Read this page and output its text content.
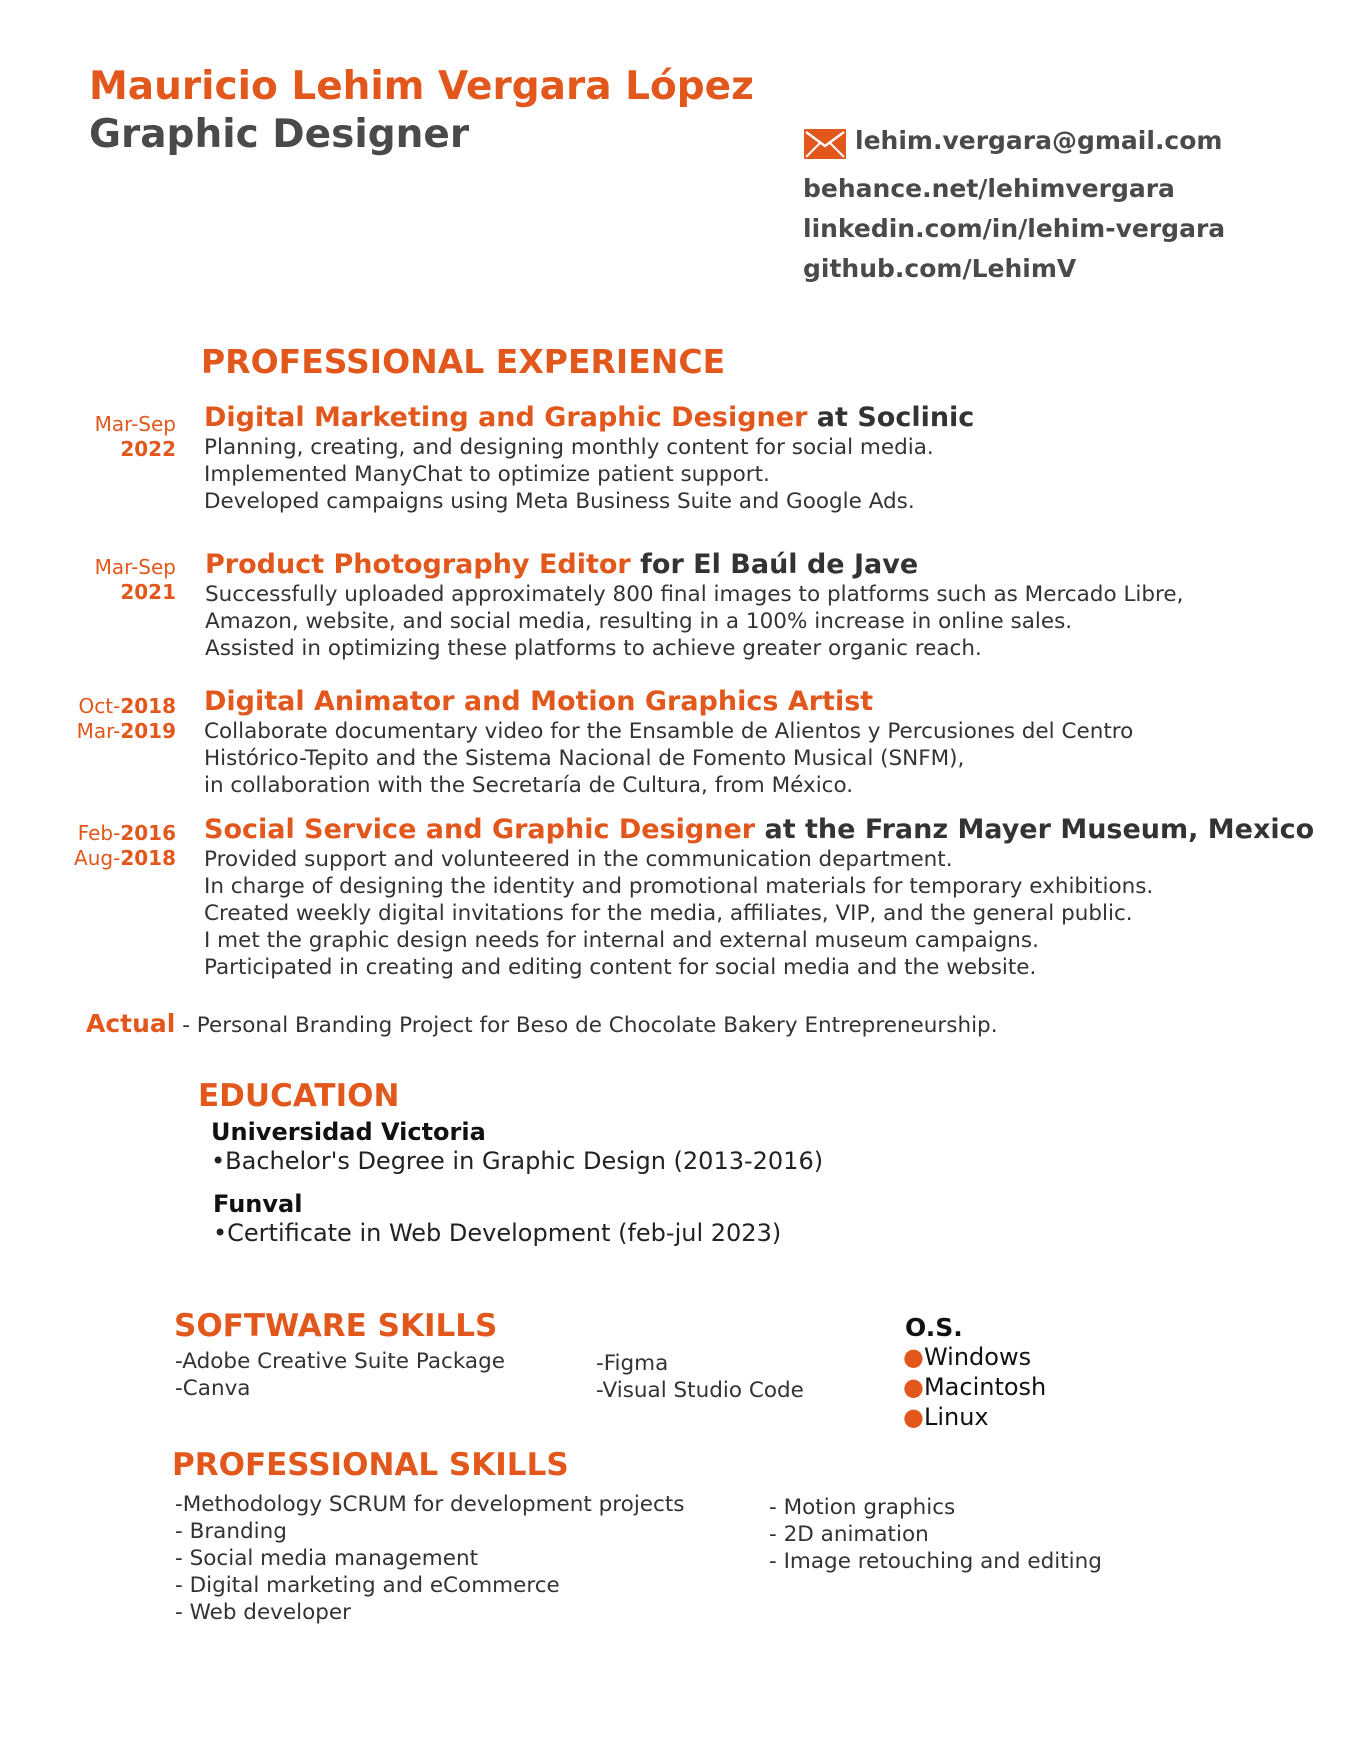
Mauricio Lehim Vergara López
Graphic Designer	lehim.vergara@gmail.com
behance.net/lehimvergara
linkedin.com/in/lehim-vergara
github.com/LehimV
PROFESSIONAL EXPERIENCE
Mar-Sep
2022
Digital Marketing and Graphic Designer at Soclinic
Planning, creating, and designing monthly content for social media.
Implemented ManyChat to optimize patient support.
Developed campaigns using Meta Business Suite and Google Ads.
Mar-Sep
2021
Product Photography Editor for El Baúl de Jave
Successfully uploaded approximately 800 final images to platforms such as Mercado Libre,
Amazon, website, and social media, resulting in a 100% increase in online sales.
Assisted in optimizing these platforms to achieve greater organic reach.
Oct-2018
Mar-2019
Digital Animator and Motion Graphics Artist
Collaborate documentary video for the Ensamble de Alientos y Percusiones del Centro
Histórico-Tepito and the Sistema Nacional de Fomento Musical (SNFM),
in collaboration with the Secretaría de Cultura, from México.
Feb-2016
Aug-2018
Social Service and Graphic Designer at the Franz Mayer Museum, Mexico
Provided support and volunteered in the communication department.
In charge of designing the identity and promotional materials for temporary exhibitions.
Created weekly digital invitations for the media, affiliates, VIP, and the general public.
I met the graphic design needs for internal and external museum campaigns.
Participated in creating and editing content for social media and the website.
Actual - Personal Branding Project for Beso de Chocolate Bakery Entrepreneurship.
EDUCATION
Universidad Victoria
•Bachelor's Degree in Graphic Design (2013-2016)
Funval
•Certificate in Web Development (feb-jul 2023)
SOFTWARE SKILLS
-Adobe Creative Suite Package
-Canva
-Figma
-Visual Studio Code
O.S.
●Windows
●Macintosh
●Linux
PROFESSIONAL SKILLS
-Methodology SCRUM for development projects
- Branding
- Social media management
- Digital marketing and eCommerce
- Web developer
- Motion graphics
- 2D animation
- Image retouching and editing
